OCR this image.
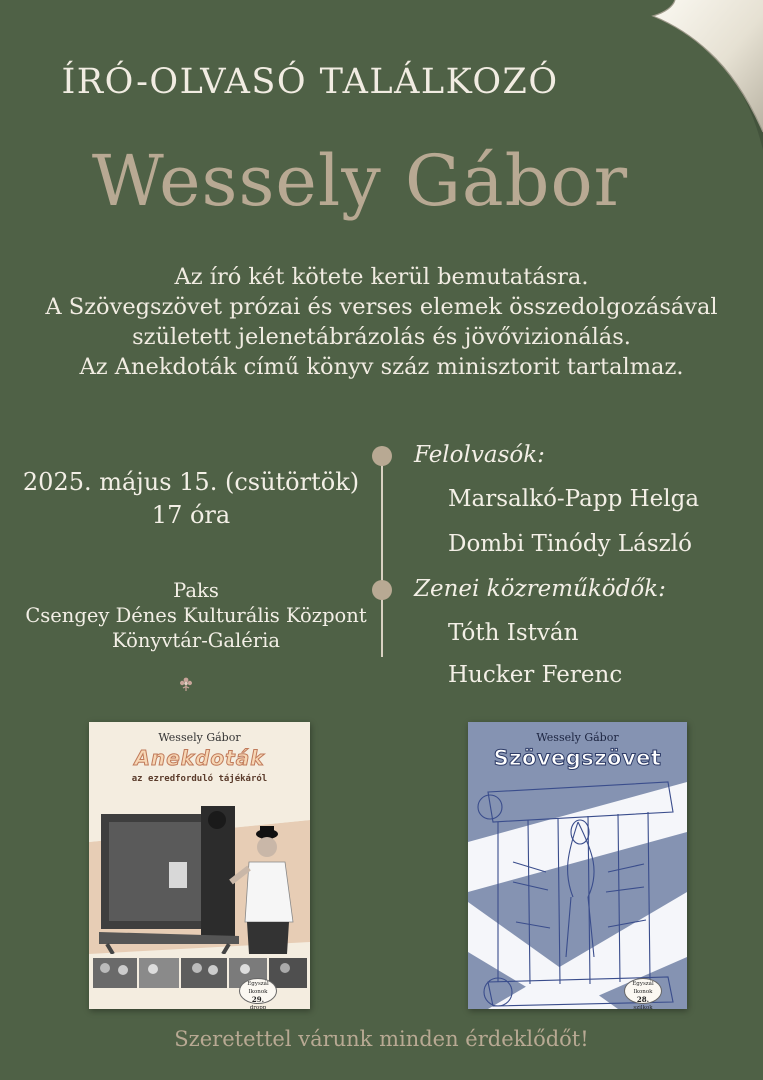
ÍRÓ-OLVASÓ TALÁLKOZÓ
Wessely Gábor
Az író két kötete kerül bemutatásra.
A Szövegszövet prózai és verses elemek összedolgozásával
született jelenetábrázolás és jövővizionálás.
Az Anekdoták című könyv száz minisztorit tartalmaz.
2025. május 15. (csütörtök)
17 óra
Paks
Csengey Dénes Kulturális Központ
Könyvtár-Galéria
Felolvasók:
Marsalkó-Papp Helga
Dombi Tinódy László
Zenei közreműködők:
Tóth István
Hucker Ferenc
Wessely Gábor
Anekdoták
az ezredforduló tájékáról
Egyszál Ikonok
29.
dropp
Wessely Gábor
Szövegszövet
Egyszál Ikonok
28.
szilkok
Szeretettel várunk minden érdeklődőt!
